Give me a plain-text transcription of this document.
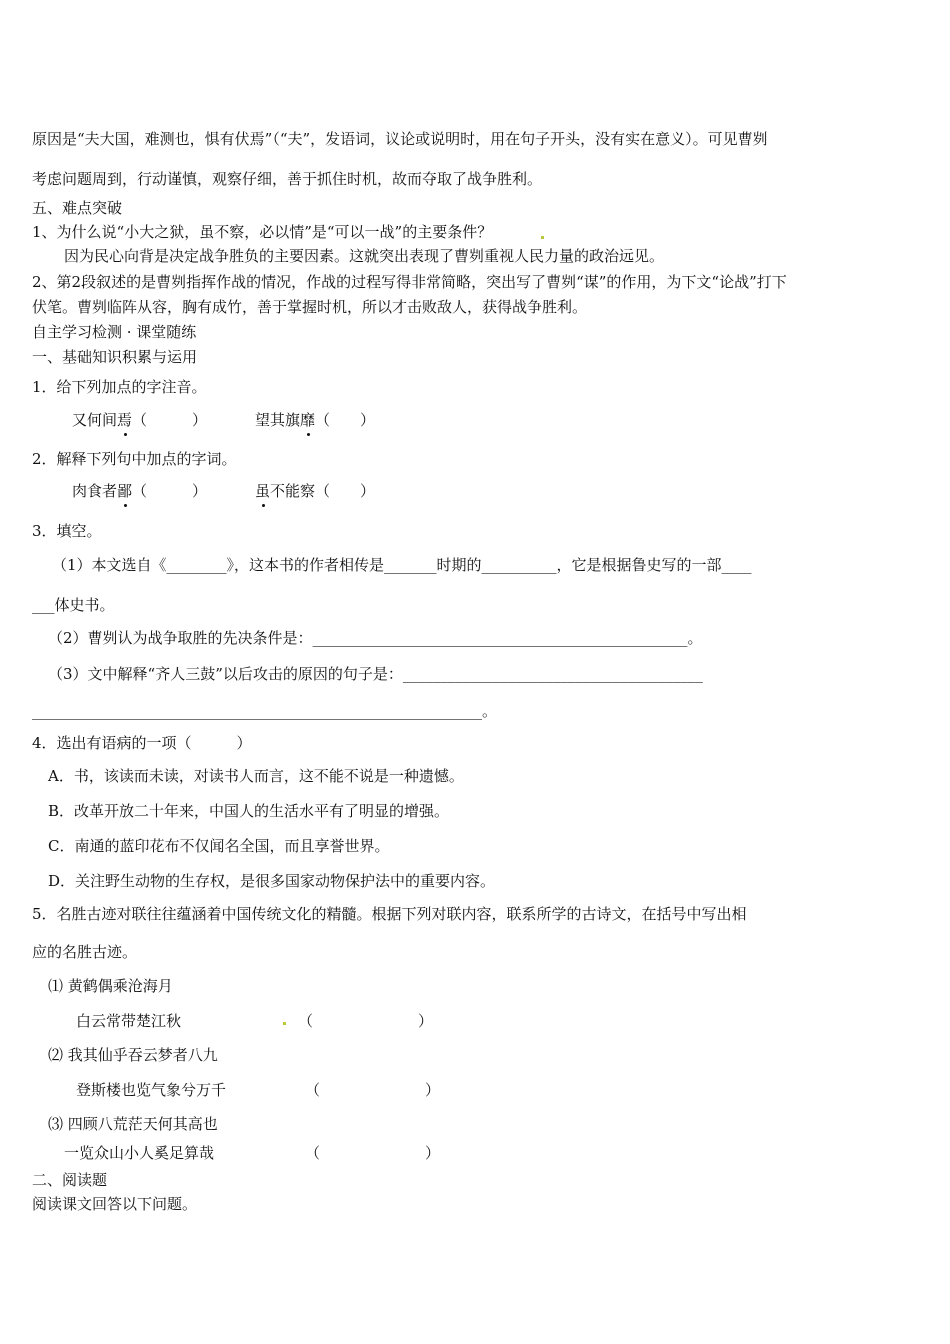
原因是“夫大国，难测也，惧有伏焉”（“夫”，发语词，议论或说明时，用在句子开头，没有实在意义）。可见曹刿
考虑问题周到，行动谨慎，观察仔细，善于抓住时机，故而夺取了战争胜利。
五、难点突破
1、为什么说“小大之狱，虽不察，必以情”是“可以一战”的主要条件？
因为民心向背是决定战争胜负的主要因素。这就突出表现了曹刿重视人民力量的政治远见。
2、第2段叙述的是曹刿指挥作战的情况，作战的过程写得非常简略，突出写了曹刿“谋”的作用，为下文“论战”打下
伏笔。曹刿临阵从容，胸有成竹，善于掌握时机，所以才击败敌人，获得战争胜利。
自主学习检测 · 课堂随练
一、基础知识积累与运用
1．给下列加点的字注音。
又何间焉（　　　）	望其旗靡（　　）
2．解释下列句中加点的字词。
肉食者鄙（　　　）	虽不能察（　　）
3．填空。
（1）本文选自《________》，这本书的作者相传是_______时期的__________，它是根据鲁史写的一部____
___体史书。
（2）曹刿认为战争取胜的先决条件是：__________________________________________________。
（3）文中解释“齐人三鼓”以后攻击的原因的句子是：________________________________________
____________________________________________________________。
4．选出有语病的一项（　　　）
A．书，该读而未读，对读书人而言，这不能不说是一种遗憾。
B．改革开放二十年来，中国人的生活水平有了明显的增强。
C．南通的蓝印花布不仅闻名全国，而且享誉世界。
D．关注野生动物的生存权，是很多国家动物保护法中的重要内容。
5．名胜古迹对联往往蕴涵着中国传统文化的精髓。根据下列对联内容，联系所学的古诗文，在括号中写出相
应的名胜古迹。
⑴ 黄鹤偶乘沧海月
白云常带楚江秋	（　　　　　　　）
⑵ 我其仙乎吞云梦者八九
登斯楼也览气象兮万千	（　　　　　　　）
⑶ 四顾八荒茫天何其高也
一览众山小人奚足算哉	（　　　　　　　）
二、阅读题
阅读课文回答以下问题。
